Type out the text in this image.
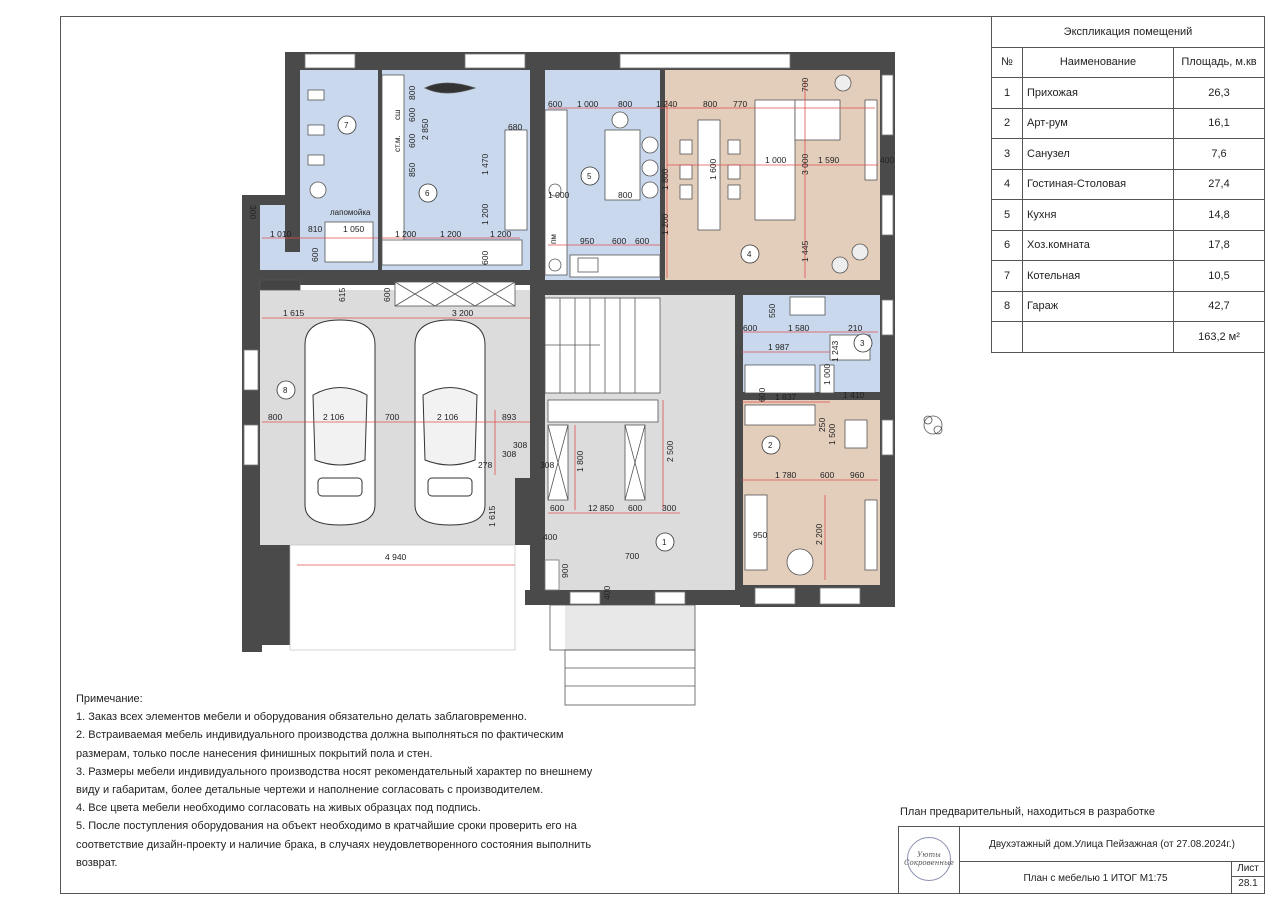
300
1 010 810 1 050
600
1 200	1 200	1 200
600
800
600
2 850
600
850
680
1 470
1 200
600 1 000 800	1 240	800 770
700
1 000	800
1 800
1 200
950 600 600
1 600	1 000 3 000 1 590	400
1 445
615
1 615
600
3 200	550
600	1 580	210
1 987	1 243
1 000
1 410
600 1 837
250 1 500
1 780	600 960
950	2 200
800	2 106	700	2 106	893
308
308
278
1 615
4 940
308 1 800	2 500
600	12 850 600 300
400
700
900
400
1
2
3
4
5
6
7
8
лапомойка
ст.м.
сш
пм
Экспликация помещений		
№	Наименование	Площадь, м.кв
1	Прихожая	26,3
2	Арт-рум	16,1
3	Санузел	7,6
4	Гостиная-Столовая	27,4
5	Кухня	14,8
6	Хоз.комната	17,8
7	Котельная	10,5
8	Гараж	42,7
		163,2 м²
Примечание:
1. Заказ всех элементов мебели и оборудования обязательно делать заблаговременно.
2. Встраиваемая мебель индивидуального производства должна выполняться по фактическим
размерам, только после нанесения финишных покрытий пола и стен.
3. Размеры мебели индивидуального производства носят рекомендательный характер по внешнему
виду и габаритам, более детальные чертежи и наполнение согласовать с производителем.
4. Все цвета мебели необходимо согласовать на живых образцах под подпись.
5. После поступления оборудования на объект необходимо в кратчайшие сроки проверить его на
соответствие дизайн-проекту и наличие брака, в случаях неудовлетворенного состояния выполнить
возврат.
План предварительный, находиться в разработке
Уюты Сокровенные
Двухэтажный дом.Улица Пейзажная (от 27.08.2024г.)
План с мебелью 1 ИТОГ М1:75
Лист
28.1
